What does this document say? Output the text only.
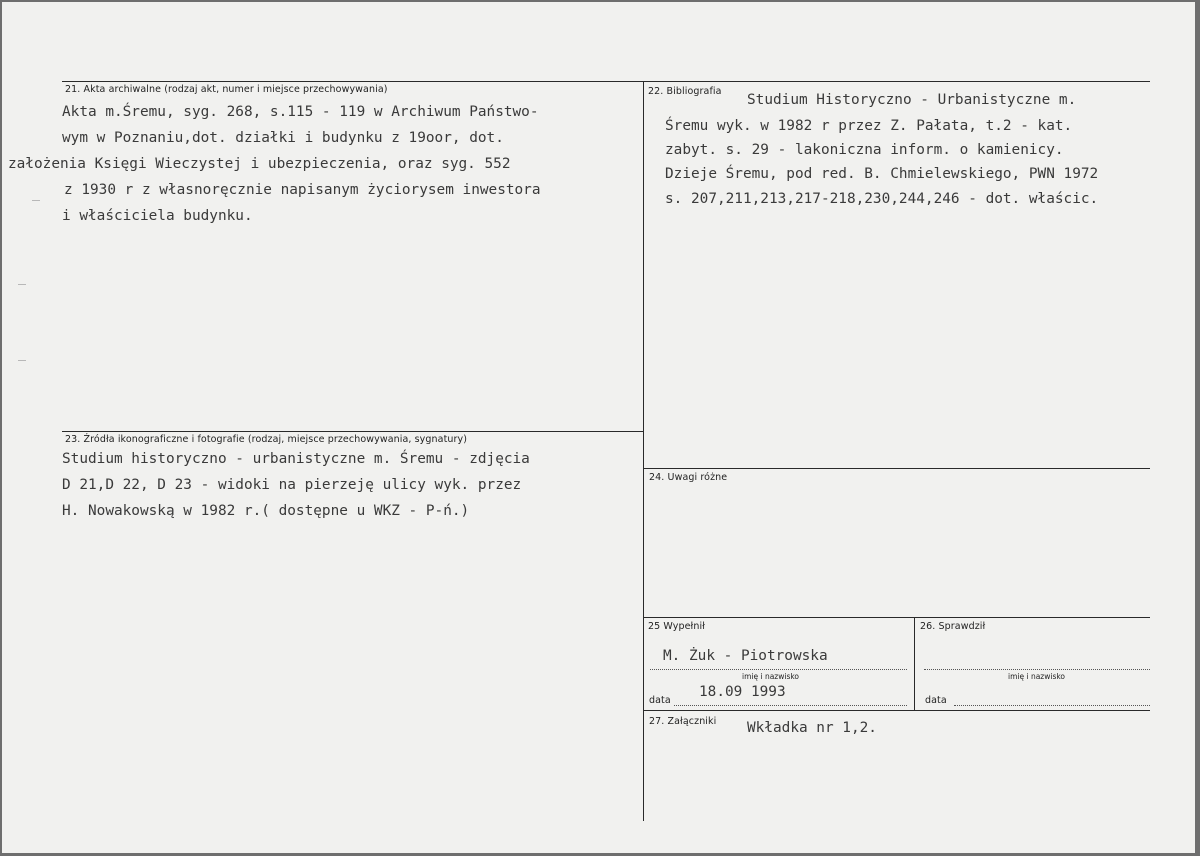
21. Akta archiwalne (rodzaj akt, numer i miejsce przechowywania)
Akta m.Śremu, syg. 268, s.115 - 119 w Archiwum Państwo-
wym w Poznaniu,dot. działki i budynku z 19oor, dot.
założenia Księgi Wieczystej i ubezpieczenia, oraz syg. 552
z 1930 r z własnoręcznie napisanym życiorysem inwestora
i właściciela budynku.
22. Bibliografia
Studium Historyczno - Urbanistyczne m.
Śremu wyk. w 1982 r przez Z. Pałata, t.2 - kat.
zabyt. s. 29 - lakoniczna inform. o kamienicy.
Dzieje Śremu, pod red. B. Chmielewskiego, PWN 1972
s. 207,211,213,217-218,230,244,246 - dot. właścic.
23. Źródła ikonograficzne i fotografie (rodzaj, miejsce przechowywania, sygnatury)
Studium historyczno - urbanistyczne m. Śremu - zdjęcia
D 21,D 22, D 23 - widoki na pierzeję ulicy wyk. przez
H. Nowakowską w 1982 r.( dostępne u WKZ - P-ń.)
24. Uwagi różne
25 Wypełnił
M. Żuk - Piotrowska
imię i nazwisko
data
18.09 1993
26. Sprawdził
imię i nazwisko
data
27. Załączniki Wkładka nr 1,2.
